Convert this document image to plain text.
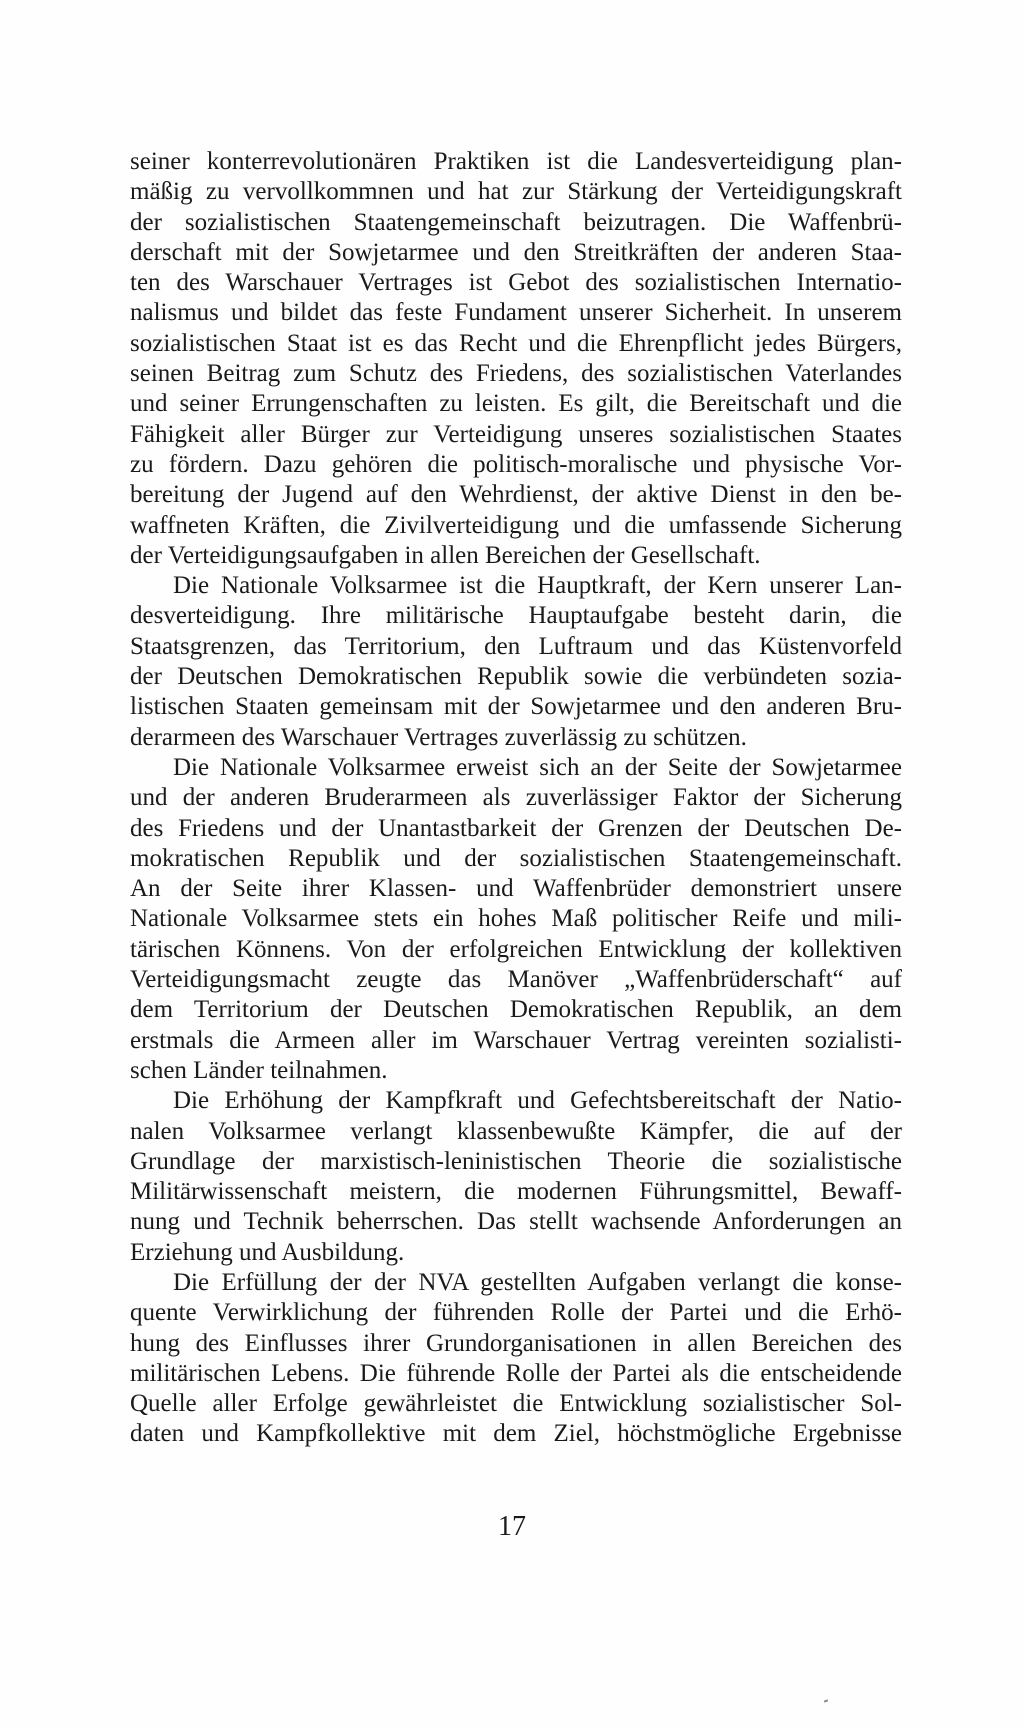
seiner konterrevolutionären Praktiken ist die Landesverteidigung plan-
mäßig zu vervollkommnen und hat zur Stärkung der Verteidigungskraft
der sozialistischen Staatengemeinschaft beizutragen. Die Waffenbrü-
derschaft mit der Sowjetarmee und den Streitkräften der anderen Staa-
ten des Warschauer Vertrages ist Gebot des sozialistischen Internatio-
nalismus und bildet das feste Fundament unserer Sicherheit. In unserem
sozialistischen Staat ist es das Recht und die Ehrenpflicht jedes Bürgers,
seinen Beitrag zum Schutz des Friedens, des sozialistischen Vaterlandes
und seiner Errungenschaften zu leisten. Es gilt, die Bereitschaft und die
Fähigkeit aller Bürger zur Verteidigung unseres sozialistischen Staates
zu fördern. Dazu gehören die politisch-moralische und physische Vor-
bereitung der Jugend auf den Wehrdienst, der aktive Dienst in den be-
waffneten Kräften, die Zivilverteidigung und die umfassende Sicherung
der Verteidigungsaufgaben in allen Bereichen der Gesellschaft.
Die Nationale Volksarmee ist die Hauptkraft, der Kern unserer Lan-
desverteidigung. Ihre militärische Hauptaufgabe besteht darin, die
Staatsgrenzen, das Territorium, den Luftraum und das Küstenvorfeld
der Deutschen Demokratischen Republik sowie die verbündeten sozia-
listischen Staaten gemeinsam mit der Sowjetarmee und den anderen Bru-
derarmeen des Warschauer Vertrages zuverlässig zu schützen.
Die Nationale Volksarmee erweist sich an der Seite der Sowjetarmee
und der anderen Bruderarmeen als zuverlässiger Faktor der Sicherung
des Friedens und der Unantastbarkeit der Grenzen der Deutschen De-
mokratischen Republik und der sozialistischen Staatengemeinschaft.
An der Seite ihrer Klassen- und Waffenbrüder demonstriert unsere
Nationale Volksarmee stets ein hohes Maß politischer Reife und mili-
tärischen Könnens. Von der erfolgreichen Entwicklung der kollektiven
Verteidigungsmacht zeugte das Manöver „Waffenbrüderschaft“ auf
dem Territorium der Deutschen Demokratischen Republik, an dem
erstmals die Armeen aller im Warschauer Vertrag vereinten sozialisti-
schen Länder teilnahmen.
Die Erhöhung der Kampfkraft und Gefechtsbereitschaft der Natio-
nalen Volksarmee verlangt klassenbewußte Kämpfer, die auf der
Grundlage der marxistisch-leninistischen Theorie die sozialistische
Militärwissenschaft meistern, die modernen Führungsmittel, Bewaff-
nung und Technik beherrschen. Das stellt wachsende Anforderungen an
Erziehung und Ausbildung.
Die Erfüllung der der NVA gestellten Aufgaben verlangt die konse-
quente Verwirklichung der führenden Rolle der Partei und die Erhö-
hung des Einflusses ihrer Grundorganisationen in allen Bereichen des
militärischen Lebens. Die führende Rolle der Partei als die entscheidende
Quelle aller Erfolge gewährleistet die Entwicklung sozialistischer Sol-
daten und Kampfkollektive mit dem Ziel, höchstmögliche Ergebnisse
17
